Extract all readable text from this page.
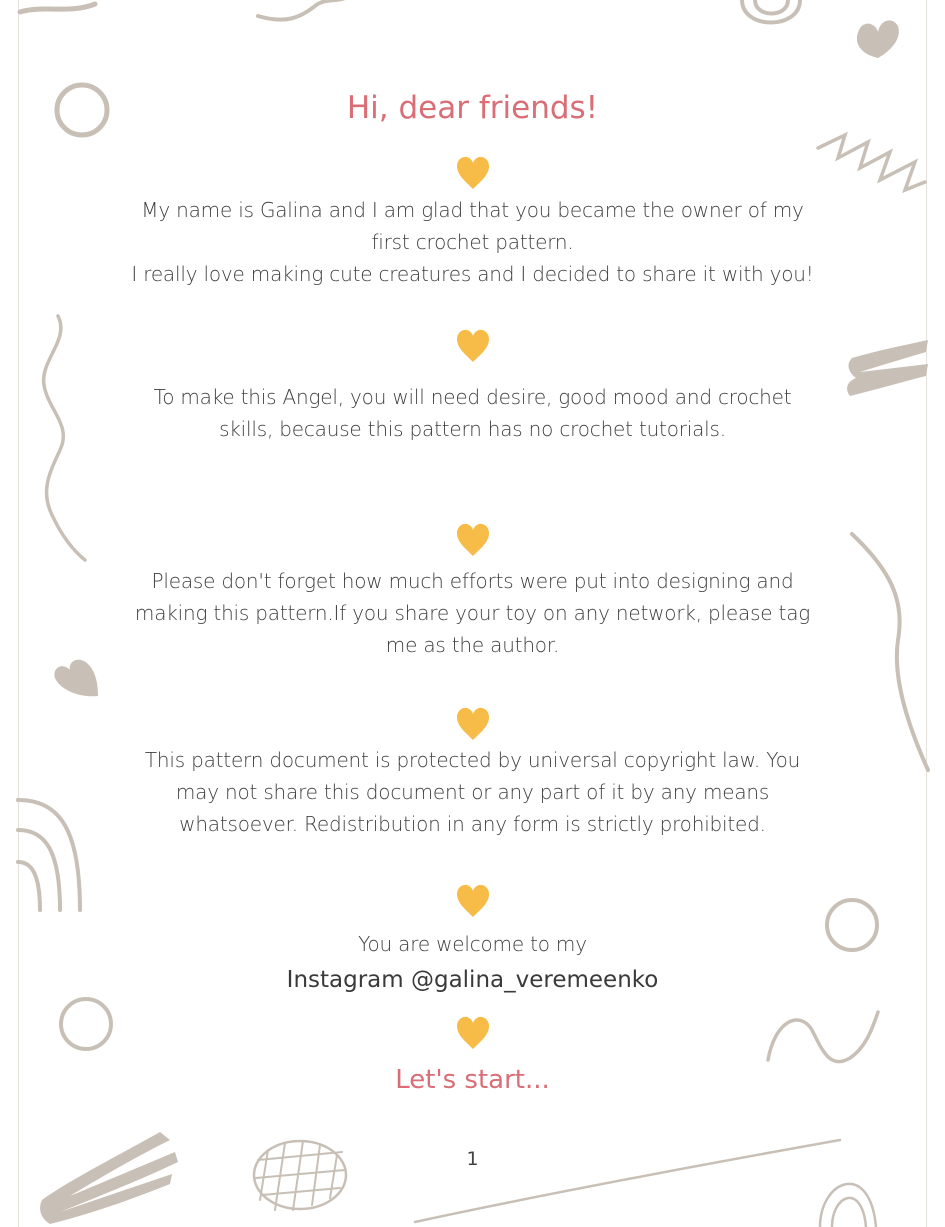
Hi, dear friends!
My name is Galina and I am glad that you became the owner of my
first crochet pattern.
I really love making cute creatures and I decided to share it with you!
To make this Angel, you will need desire, good mood and crochet
skills, because this pattern has no crochet tutorials.
Please don't forget how much efforts were put into designing and
making this pattern.If you share your toy on any network, please tag
me as the author.
This pattern document is protected by universal copyright law. You
may not share this document or any part of it by any means
whatsoever. Redistribution in any form is strictly prohibited.
You are welcome to my
Instagram @galina_veremeenko
Let's start...
1
